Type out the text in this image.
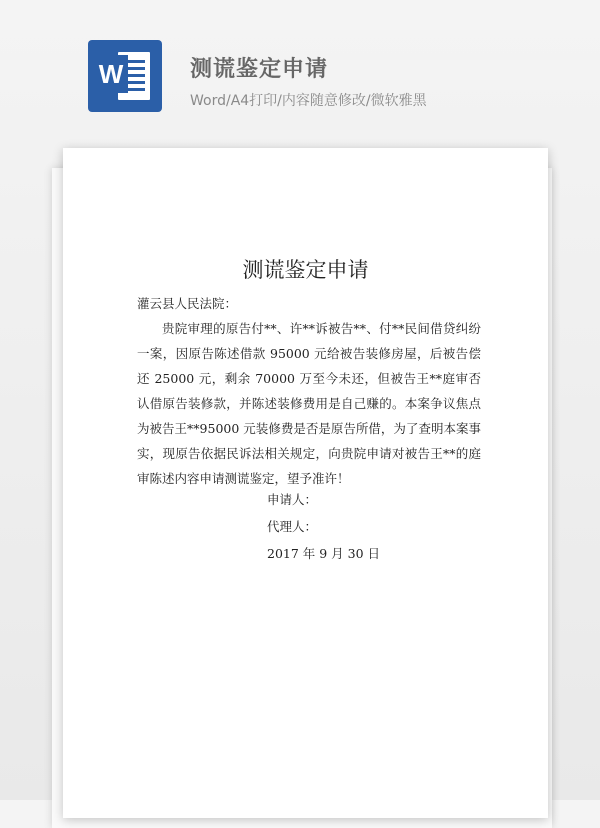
W	测谎鉴定申请
Word/A4打印/内容随意修改/微软雅黑
测谎鉴定申请

灌云县人民法院：

贵院审理的原告付**、许**诉被告**、付**民间借贷纠纷一案，因原告陈述借款 95000 元给被告装修房屋，后被告偿还 25000 元，剩余 70000 万至今未还，但被告王**庭审否认借原告装修款，并陈述装修费用是自己赚的。本案争议焦点为被告王**95000 元装修费是否是原告所借，为了查明本案事实，现原告依据民诉法相关规定，向贵院申请对被告王**的庭审陈述内容申请测谎鉴定，望予准许！

申请人：
代理人：
2017 年 9 月 30 日
